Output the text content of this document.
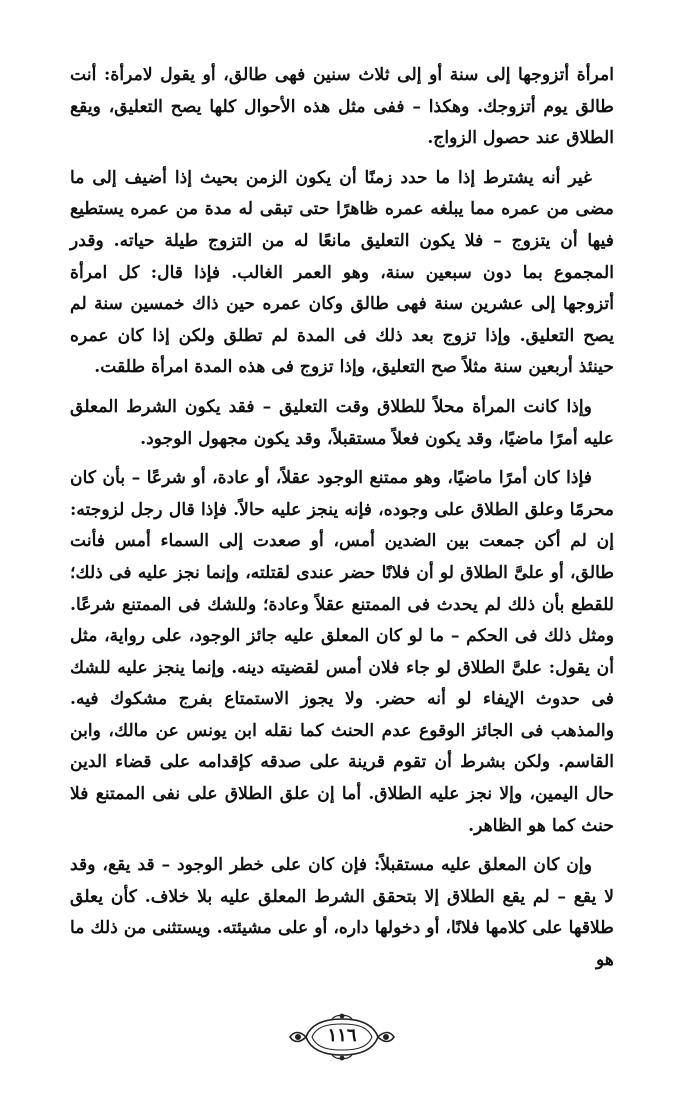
امرأة أتزوجها إلى سنة أو إلى ثلاث سنين فهى طالق، أو يقول لامرأة: أنت طالق يوم أتزوجك. وهكذا – ففى مثل هذه الأحوال كلها يصح التعليق، ويقع الطلاق عند حصول الزواج.

غير أنه يشترط إذا ما حدد زمنًا أن يكون الزمن بحيث إذا أضيف إلى ما مضى من عمره مما يبلغه عمره ظاهرًا حتى تبقى له مدة من عمره يستطيع فيها أن يتزوج – فلا يكون التعليق مانعًا له من التزوج طيلة حياته. وقدر المجموع بما دون سبعين سنة، وهو العمر الغالب. فإذا قال: كل امرأة أتزوجها إلى عشرين سنة فهى طالق وكان عمره حين ذاك خمسين سنة لم يصح التعليق. وإذا تزوج بعد ذلك فى المدة لم تطلق ولكن إذا كان عمره حينئذ أربعين سنة مثلاً صح التعليق، وإذا تزوج فى هذه المدة امرأة طلقت.

وإذا كانت المرأة محلاً للطلاق وقت التعليق – فقد يكون الشرط المعلق عليه أمرًا ماضيًا، وقد يكون فعلاً مستقبلاً، وقد يكون مجهول الوجود.

فإذا كان أمرًا ماضيًا، وهو ممتنع الوجود عقلاً، أو عادة، أو شرعًا – بأن كان محرمًا وعلق الطلاق على وجوده، فإنه ينجز عليه حالاً. فإذا قال رجل لزوجته: إن لم أكن جمعت بين الضدين أمس، أو صعدت إلى السماء أمس فأنت طالق، أو علىَّ الطلاق لو أن فلانًا حضر عندى لقتلته، وإنما نجز عليه فى ذلك؛ للقطع بأن ذلك لم يحدث فى الممتنع عقلاً وعادة؛ وللشك فى الممتنع شرعًا. ومثل ذلك فى الحكم – ما لو كان المعلق عليه جائز الوجود، على رواية، مثل أن يقول: علىَّ الطلاق لو جاء فلان أمس لقضيته دينه. وإنما ينجز عليه للشك فى حدوث الإيفاء لو أنه حضر. ولا يجوز الاستمتاع بفرج مشكوك فيه. والمذهب فى الجائز الوقوع عدم الحنث كما نقله ابن يونس عن مالك، وابن القاسم. ولكن بشرط أن تقوم قرينة على صدقه كإقدامه على قضاء الدين حال اليمين، وإلا نجز عليه الطلاق. أما إن علق الطلاق على نفى الممتنع فلا حنث كما هو الظاهر.

وإن كان المعلق عليه مستقبلاً: فإن كان على خطر الوجود – قد يقع، وقد لا يقع – لم يقع الطلاق إلا بتحقق الشرط المعلق عليه بلا خلاف. كأن يعلق طلاقها على كلامها فلانًا، أو دخولها داره، أو على مشيئته. ويستثنى من ذلك ما هو

١١٦
